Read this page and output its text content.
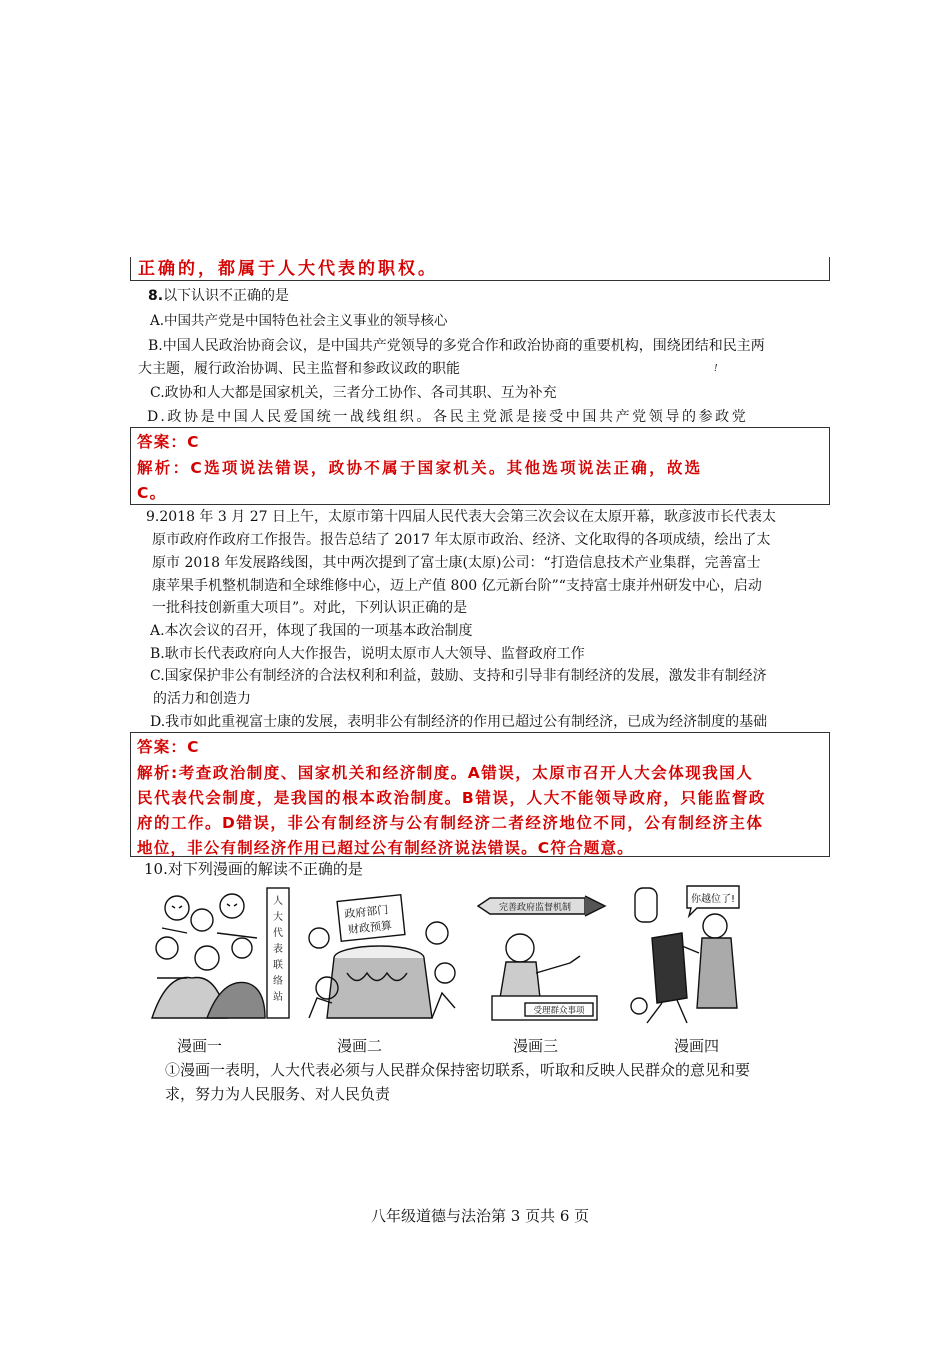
正确的，都属于人大代表的职权。
8.以下认识不正确的是
A.中国共产党是中国特色社会主义事业的领导核心
B.中国人民政治协商会议，是中国共产党领导的多党合作和政治协商的重要机构，围绕团结和民主两
大主题，履行政治协调、民主监督和参政议政的职能	!
C.政协和人大都是国家机关，三者分工协作、各司其职、互为补充
D.政协是中国人民爱国统一战线组织。各民主党派是接受中国共产党领导的参政党
答案：C
解析：C选项说法错误，政协不属于国家机关。其他选项说法正确，故选
C。
9.2018 年 3 月 27 日上午，太原市第十四届人民代表大会第三次会议在太原开幕，耿彦波市长代表太
原市政府作政府工作报告。报告总结了 2017 年太原市政治、经济、文化取得的各项成绩，绘出了太
原市 2018 年发展路线图，其中两次提到了富士康(太原)公司：“打造信息技术产业集群，完善富士
康苹果手机整机制造和全球维修中心，迈上产值 800 亿元新台阶”“支持富士康并州研发中心，启动
一批科技创新重大项目”。对此，下列认识正确的是
A.本次会议的召开，体现了我国的一项基本政治制度
B.耿市长代表政府向人大作报告，说明太原市人大领导、监督政府工作
C.国家保护非公有制经济的合法权利和利益，鼓励、支持和引导非有制经济的发展，激发非有制经济
的活力和创造力
D.我市如此重视富士康的发展，表明非公有制经济的作用已超过公有制经济，已成为经济制度的基础
答案：C
解析:考查政治制度、国家机关和经济制度。A错误，太原市召开人大会体现我国人
民代表代会制度，是我国的根本政治制度。B错误，人大不能领导政府，只能监督政
府的工作。D错误，非公有制经济与公有制经济二者经济地位不同，公有制经济主体
地位，非公有制经济作用已超过公有制经济说法错误。C符合题意。
10.对下列漫画的解读不正确的是
人大代表联络站
政府部门
财政预算
完善政府监督机制
受理群众事项
你越位了!
漫画一	漫画二	漫画三	漫画四
①漫画一表明，人大代表必须与人民群众保持密切联系，听取和反映人民群众的意见和要
求，努力为人民服务、对人民负责
八年级道德与法治第 3 页共 6 页
